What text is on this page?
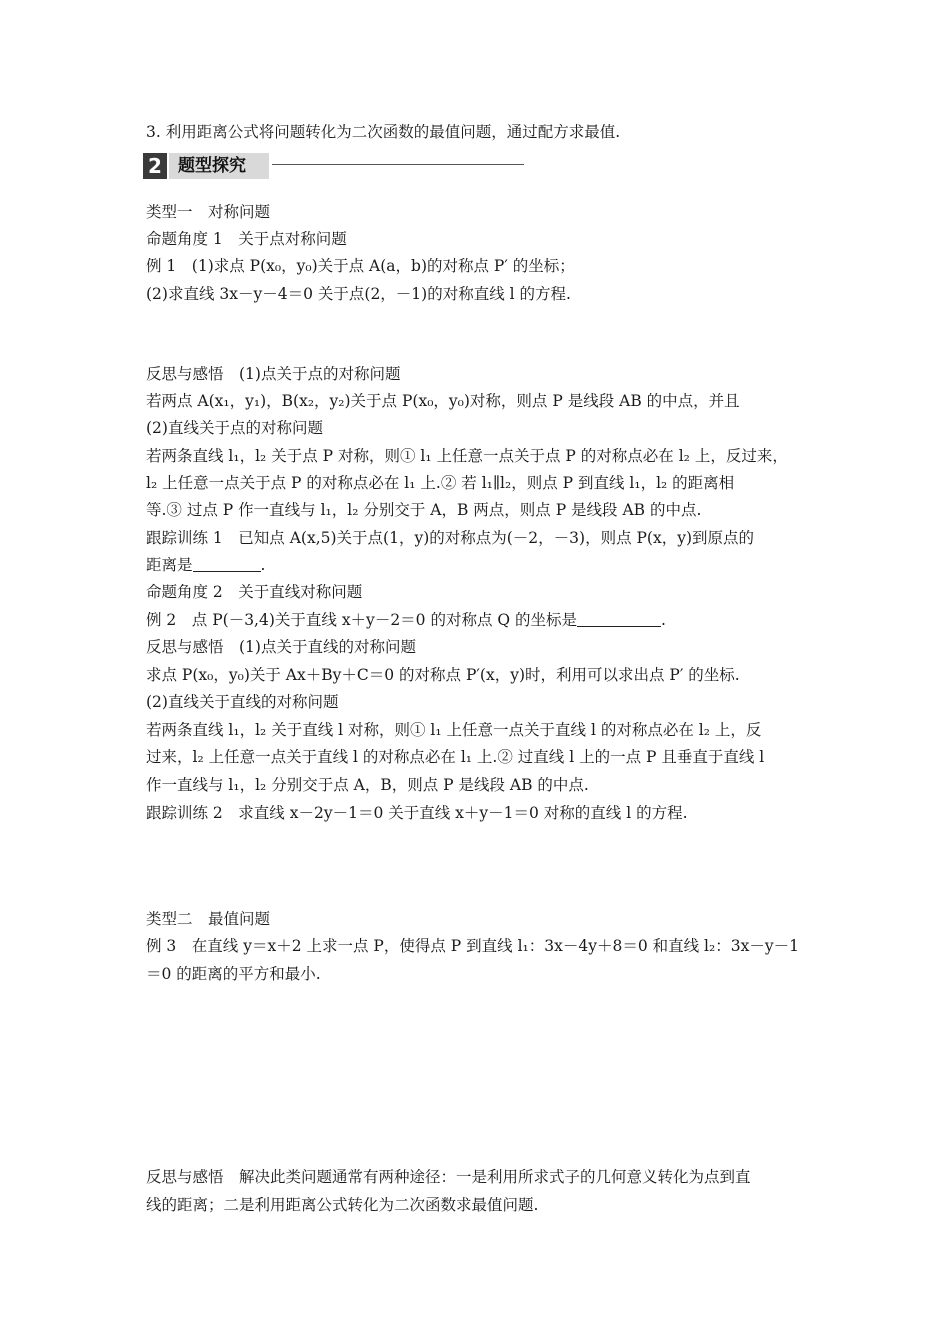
3. 利用距离公式将问题转化为二次函数的最值问题，通过配方求最值.
2 题型探究
类型一　对称问题
命题角度 1　关于点对称问题
例 1　(1)求点 P(x₀，y₀)关于点 A(a，b)的对称点 P′ 的坐标；
(2)求直线 3x－y－4＝0 关于点(2，－1)的对称直线 l 的方程.
反思与感悟　(1)点关于点的对称问题
若两点 A(x₁，y₁)，B(x₂，y₂)关于点 P(x₀，y₀)对称，则点 P 是线段 AB 的中点，并且
(2)直线关于点的对称问题
若两条直线 l₁，l₂ 关于点 P 对称，则① l₁ 上任意一点关于点 P 的对称点必在 l₂ 上，反过来，
l₂ 上任意一点关于点 P 的对称点必在 l₁ 上.② 若 l₁∥l₂，则点 P 到直线 l₁，l₂ 的距离相
等.③ 过点 P 作一直线与 l₁，l₂ 分别交于 A，B 两点，则点 P 是线段 AB 的中点.
跟踪训练 1　已知点 A(x,5)关于点(1，y)的对称点为(－2，－3)，则点 P(x，y)到原点的
距离是	.
命题角度 2　关于直线对称问题
例 2　点 P(－3,4)关于直线 x＋y－2＝0 的对称点 Q 的坐标是	.
反思与感悟　(1)点关于直线的对称问题
求点 P(x₀，y₀)关于 Ax＋By＋C＝0 的对称点 P′(x，y)时，利用可以求出点 P′ 的坐标.
(2)直线关于直线的对称问题
若两条直线 l₁，l₂ 关于直线 l 对称，则① l₁ 上任意一点关于直线 l 的对称点必在 l₂ 上，反
过来，l₂ 上任意一点关于直线 l 的对称点必在 l₁ 上.② 过直线 l 上的一点 P 且垂直于直线 l
作一直线与 l₁，l₂ 分别交于点 A，B，则点 P 是线段 AB 的中点.
跟踪训练 2　求直线 x－2y－1＝0 关于直线 x＋y－1＝0 对称的直线 l 的方程.
类型二　最值问题
例 3　在直线 y＝x＋2 上求一点 P，使得点 P 到直线 l₁：3x－4y＋8＝0 和直线 l₂：3x－y－1
＝0 的距离的平方和最小.
反思与感悟　解决此类问题通常有两种途径：一是利用所求式子的几何意义转化为点到直
线的距离；二是利用距离公式转化为二次函数求最值问题.
